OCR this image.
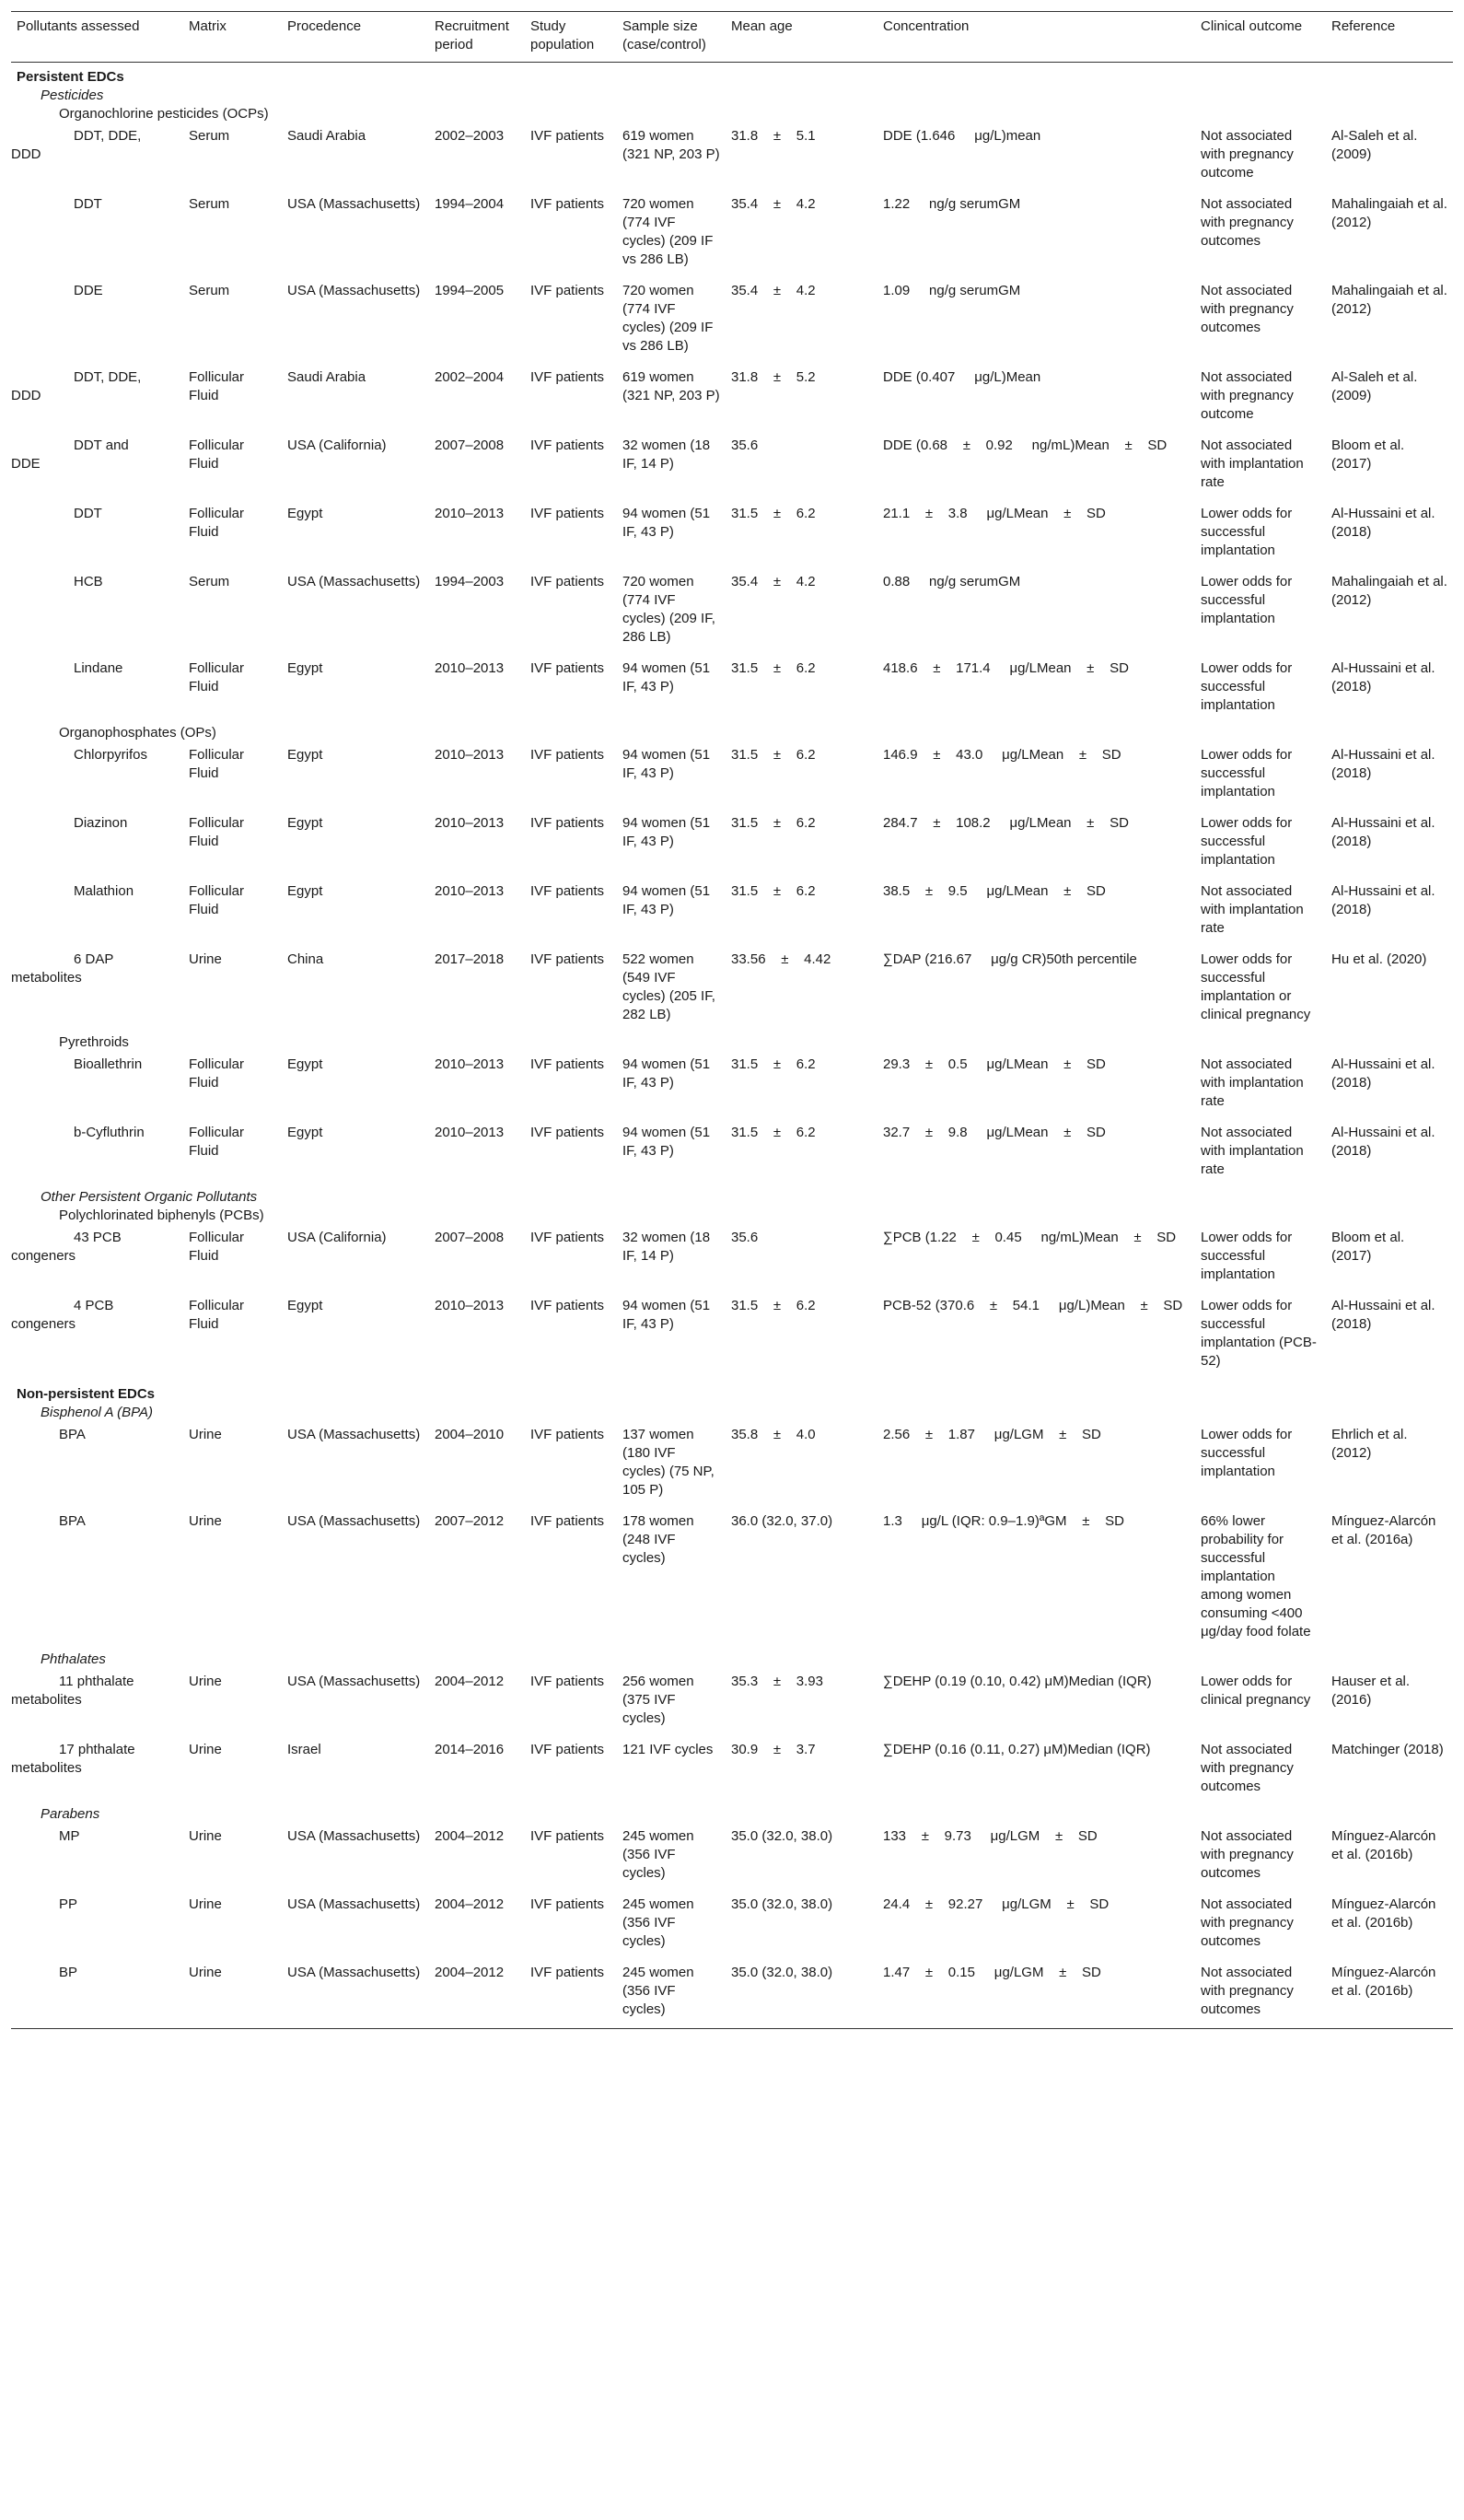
Pollutants assessed	Matrix	Procedence	Recruitment period	Study population	Sample size (case/control)	Mean age	Concentration	Clinical outcome	Reference
Persistent EDCs									
Pesticides									
Organochlorine pesticides (OCPs)									

DDT, DDE,
DDD	Serum	Saudi Arabia	2002–2003	IVF patients	619 women (321 NP, 203 P)	31.8    ±    5.1	DDE (1.646     μg/L)mean	Not associated with pregnancy outcome	Al-Saleh et al. (2009)
DDT	Serum	USA (Massachusetts)	1994–2004	IVF patients	720 women (774 IVF cycles) (209 IF vs 286 LB)	35.4    ±    4.2	1.22     ng/g serumGM	Not associated with pregnancy outcomes	Mahalingaiah et al. (2012)
DDE	Serum	USA (Massachusetts)	1994–2005	IVF patients	720 women (774 IVF cycles) (209 IF vs 286 LB)	35.4    ±    4.2	1.09     ng/g serumGM	Not associated with pregnancy outcomes	Mahalingaiah et al. (2012)

DDT, DDE,
DDD	Follicular Fluid	Saudi Arabia	2002–2004	IVF patients	619 women (321 NP, 203 P)	31.8    ±    5.2	DDE (0.407     μg/L)Mean	Not associated with pregnancy outcome	Al-Saleh et al. (2009)

DDT and
DDE	Follicular Fluid	USA (California)	2007–2008	IVF patients	32 women (18 IF, 14 P)	35.6	DDE (0.68    ±    0.92     ng/mL)Mean    ±    SD	Not associated with implantation rate	Bloom et al. (2017)
DDT	Follicular Fluid	Egypt	2010–2013	IVF patients	94 women (51 IF, 43 P)	31.5    ±    6.2	21.1    ±    3.8     μg/LMean    ±    SD	Lower odds for successful implantation	Al-Hussaini et al. (2018)
HCB	Serum	USA (Massachusetts)	1994–2003	IVF patients	720 women (774 IVF cycles) (209 IF, 286 LB)	35.4    ±    4.2	0.88     ng/g serumGM	Lower odds for successful implantation	Mahalingaiah et al. (2012)
Lindane	Follicular Fluid	Egypt	2010–2013	IVF patients	94 women (51 IF, 43 P)	31.5    ±    6.2	418.6    ±    171.4     μg/LMean    ±    SD	Lower odds for successful implantation	Al-Hussaini et al. (2018)
Organophosphates (OPs)									
Chlorpyrifos	Follicular Fluid	Egypt	2010–2013	IVF patients	94 women (51 IF, 43 P)	31.5    ±    6.2	146.9    ±    43.0     μg/LMean    ±    SD	Lower odds for successful implantation	Al-Hussaini et al. (2018)
Diazinon	Follicular Fluid	Egypt	2010–2013	IVF patients	94 women (51 IF, 43 P)	31.5    ±    6.2	284.7    ±    108.2     μg/LMean    ±    SD	Lower odds for successful implantation	Al-Hussaini et al. (2018)
Malathion	Follicular Fluid	Egypt	2010–2013	IVF patients	94 women (51 IF, 43 P)	31.5    ±    6.2	38.5    ±    9.5     μg/LMean    ±    SD	Not associated with implantation rate	Al-Hussaini et al. (2018)

6 DAP
metabolites	Urine	China	2017–2018	IVF patients	522 women (549 IVF cycles) (205 IF, 282 LB)	33.56    ±    4.42	∑DAP (216.67     μg/g CR)50th percentile	Lower odds for successful implantation or clinical pregnancy	Hu et al. (2020)
Pyrethroids									
Bioallethrin	Follicular Fluid	Egypt	2010–2013	IVF patients	94 women (51 IF, 43 P)	31.5    ±    6.2	29.3    ±    0.5     μg/LMean    ±    SD	Not associated with implantation rate	Al-Hussaini et al. (2018)
b-Cyfluthrin	Follicular Fluid	Egypt	2010–2013	IVF patients	94 women (51 IF, 43 P)	31.5    ±    6.2	32.7    ±    9.8     μg/LMean    ±    SD	Not associated with implantation rate	Al-Hussaini et al. (2018)
Other Persistent Organic Pollutants									
Polychlorinated biphenyls (PCBs)									

43 PCB
congeners	Follicular Fluid	USA (California)	2007–2008	IVF patients	32 women (18 IF, 14 P)	35.6	∑PCB (1.22    ±    0.45     ng/mL)Mean    ±    SD	Lower odds for successful implantation	Bloom et al. (2017)

4 PCB
congeners	Follicular Fluid	Egypt	2010–2013	IVF patients	94 women (51 IF, 43 P)	31.5    ±    6.2	PCB-52 (370.6    ±    54.1     μg/L)Mean    ±    SD	Lower odds for successful implantation (PCB-52)	Al-Hussaini et al. (2018)
Non-persistent EDCs									
Bisphenol A (BPA)									
BPA	Urine	USA (Massachusetts)	2004–2010	IVF patients	137 women (180 IVF cycles) (75 NP, 105 P)	35.8    ±    4.0	2.56    ±    1.87     μg/LGM    ±    SD	Lower odds for successful implantation	Ehrlich et al. (2012)
BPA	Urine	USA (Massachusetts)	2007–2012	IVF patients	178 women (248 IVF cycles)	36.0 (32.0, 37.0)	1.3     μg/L (IQR: 0.9–1.9)ªGM    ±    SD	66% lower probability for successful implantation among women consuming <400 μg/day food folate	Mínguez-Alarcón et al. (2016a)
Phthalates									

11 phthalate
metabolites	Urine	USA (Massachusetts)	2004–2012	IVF patients	256 women (375 IVF cycles)	35.3    ±    3.93	∑DEHP (0.19 (0.10, 0.42) μM)Median (IQR)	Lower odds for clinical pregnancy	Hauser et al. (2016)

17 phthalate
metabolites	Urine	Israel	2014–2016	IVF patients	121 IVF cycles	30.9    ±    3.7	∑DEHP (0.16 (0.11, 0.27) μM)Median (IQR)	Not associated with pregnancy outcomes	Matchinger (2018)
Parabens									
MP	Urine	USA (Massachusetts)	2004–2012	IVF patients	245 women (356 IVF cycles)	35.0 (32.0, 38.0)	133    ±    9.73     μg/LGM    ±    SD	Not associated with pregnancy outcomes	Mínguez-Alarcón et al. (2016b)
PP	Urine	USA (Massachusetts)	2004–2012	IVF patients	245 women (356 IVF cycles)	35.0 (32.0, 38.0)	24.4    ±    92.27     μg/LGM    ±    SD	Not associated with pregnancy outcomes	Mínguez-Alarcón et al. (2016b)
BP	Urine	USA (Massachusetts)	2004–2012	IVF patients	245 women (356 IVF cycles)	35.0 (32.0, 38.0)	1.47    ±    0.15     μg/LGM    ±    SD	Not associated with pregnancy outcomes	Mínguez-Alarcón et al. (2016b)
